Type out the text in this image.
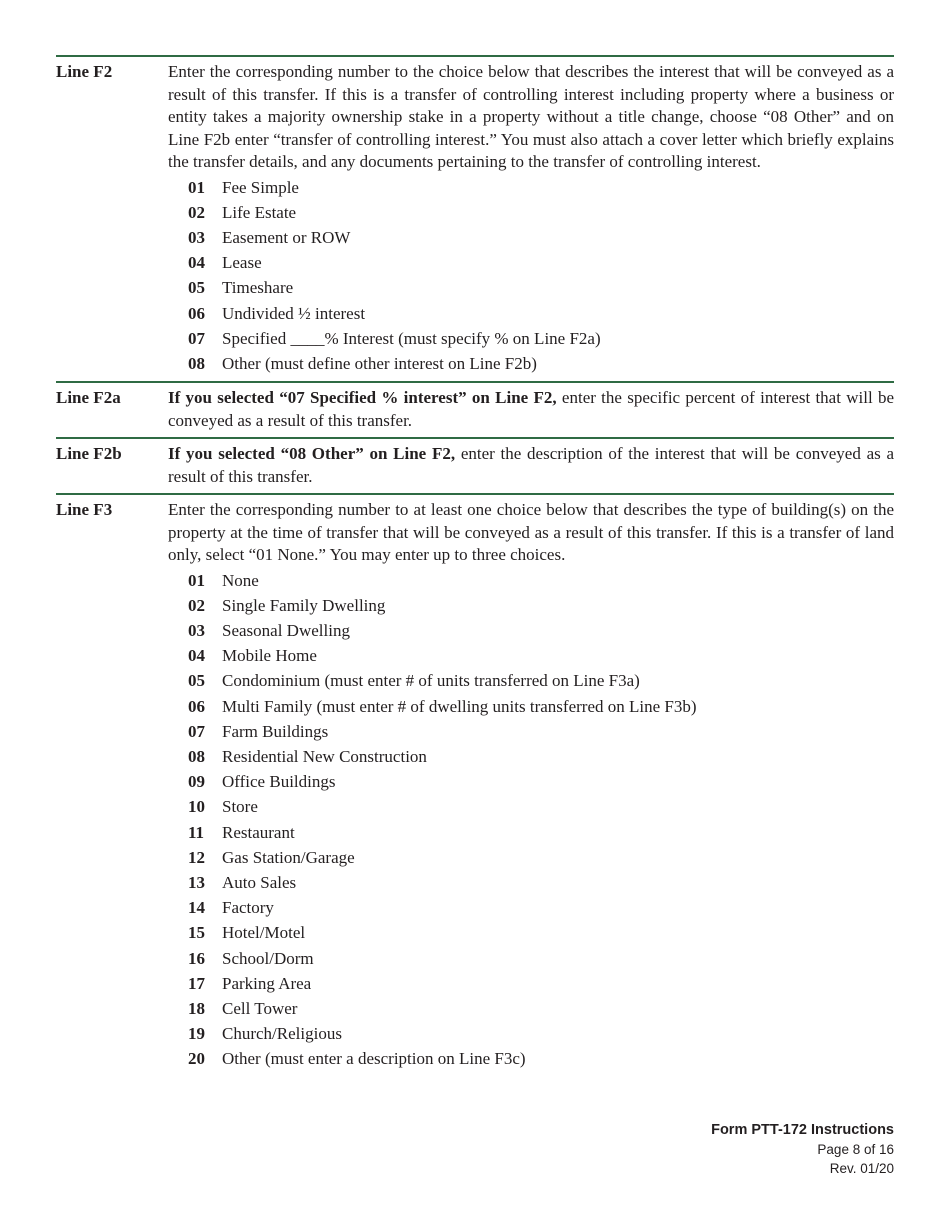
Line F2	Enter the corresponding number to the choice below that describes the interest that will be conveyed as a result of this transfer. If this is a transfer of controlling interest including property where a business or entity takes a majority ownership stake in a property without a title change, choose “08 Other” and on Line F2b enter “transfer of controlling interest.” You must also attach a cover letter which briefly explains the transfer details, and any documents pertaining to the transfer of controlling interest.

01	Fee Simple
02	Life Estate
03	Easement or ROW
04	Lease
05	Timeshare
06	Undivided ½ interest
07	Specified ____% Interest (must specify % on Line F2a)
08	Other (must define other interest on Line F2b)
Line F2a	If you selected “07 Specified % interest” on Line F2, enter the specific percent of interest that will be conveyed as a result of this transfer.

Line F2b	If you selected “08 Other” on Line F2, enter the description of the interest that will be conveyed as a result of this transfer.

Line F3	Enter the corresponding number to at least one choice below that describes the type of building(s) on the property at the time of transfer that will be conveyed as a result of this transfer. If this is a transfer of land only, select “01 None.” You may enter up to three choices.

01	None
02	Single Family Dwelling
03	Seasonal Dwelling
04	Mobile Home
05	Condominium (must enter # of units transferred on Line F3a)
06	Multi Family (must enter # of dwelling units transferred on Line F3b)
07	Farm Buildings
08	Residential New Construction
09	Office Buildings
10	Store
11	Restaurant
12	Gas Station/Garage
13	Auto Sales
14	Factory
15	Hotel/Motel
16	School/Dorm
17	Parking Area
18	Cell Tower
19	Church/Religious
20	Other (must enter a description on Line F3c)
Form PTT-172 Instructions
Page 8 of 16
Rev. 01/20
